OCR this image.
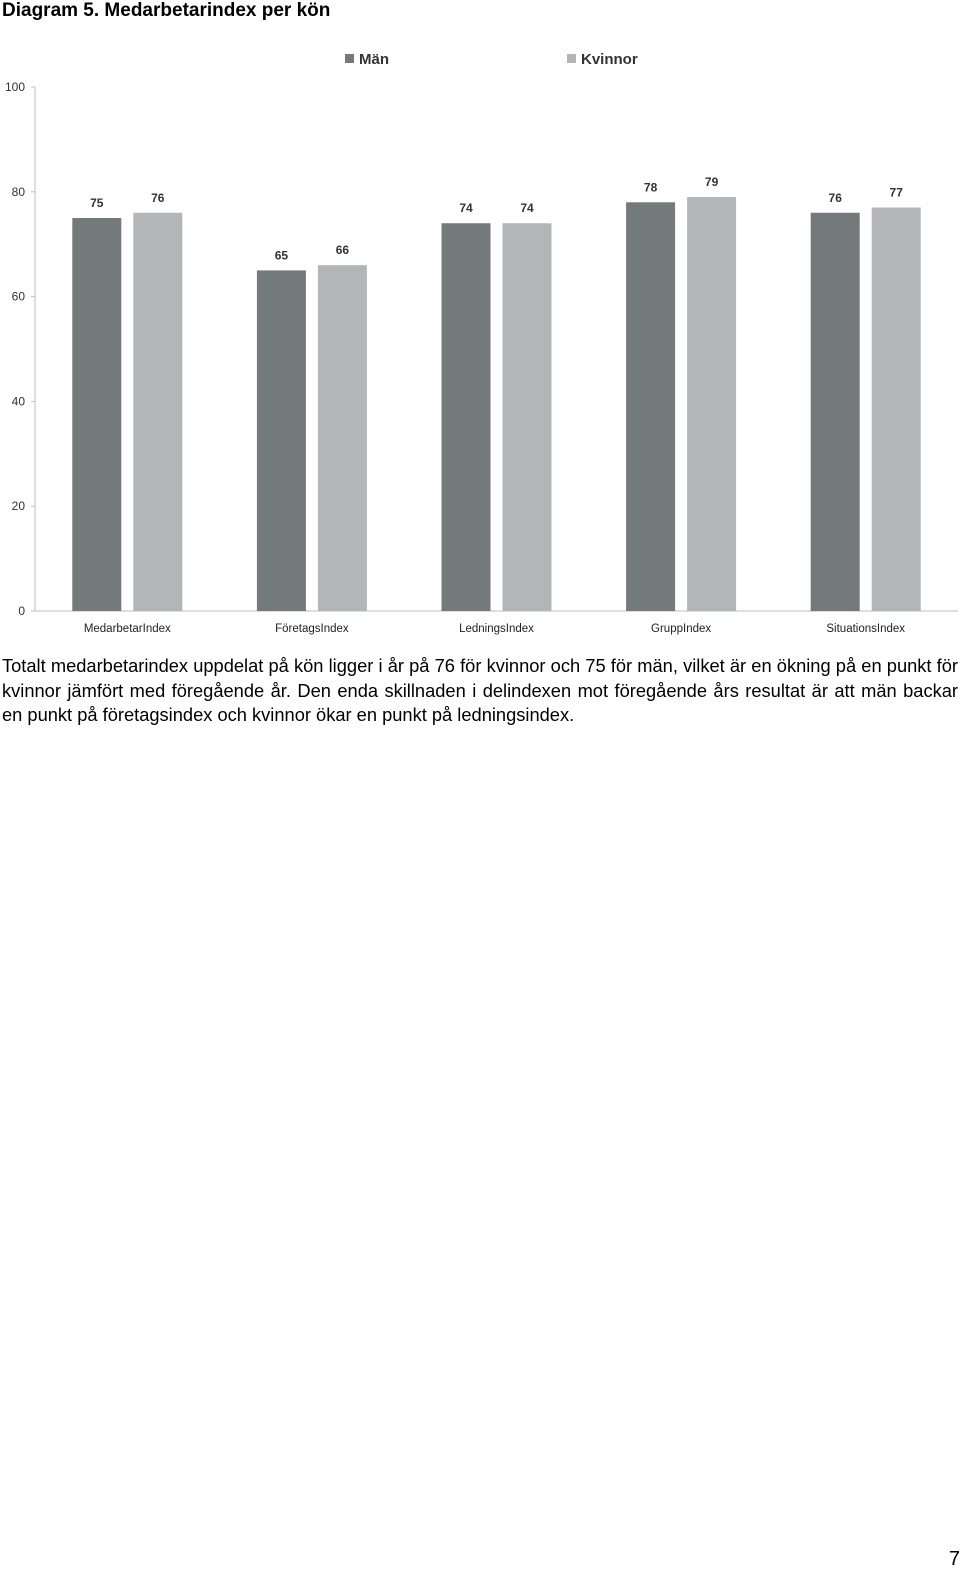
Diagram 5. Medarbetarindex per kön
Män	Kvinnor
0
20
40
60
80
100
75	76
65	66
74	74
78	79
76	77
MedarbetarIndex	FöretagsIndex	LedningsIndex	GruppIndex	SituationsIndex

Totalt medarbetarindex uppdelat på kön ligger i år på 76 för kvinnor och 75 för män, vilket är en ökning på en punkt för kvinnor jämfört med föregående år. Den enda skillnaden i delindexen mot föregående års resultat är att män backar en punkt på företagsindex och kvinnor ökar en punkt på ledningsindex.

7
